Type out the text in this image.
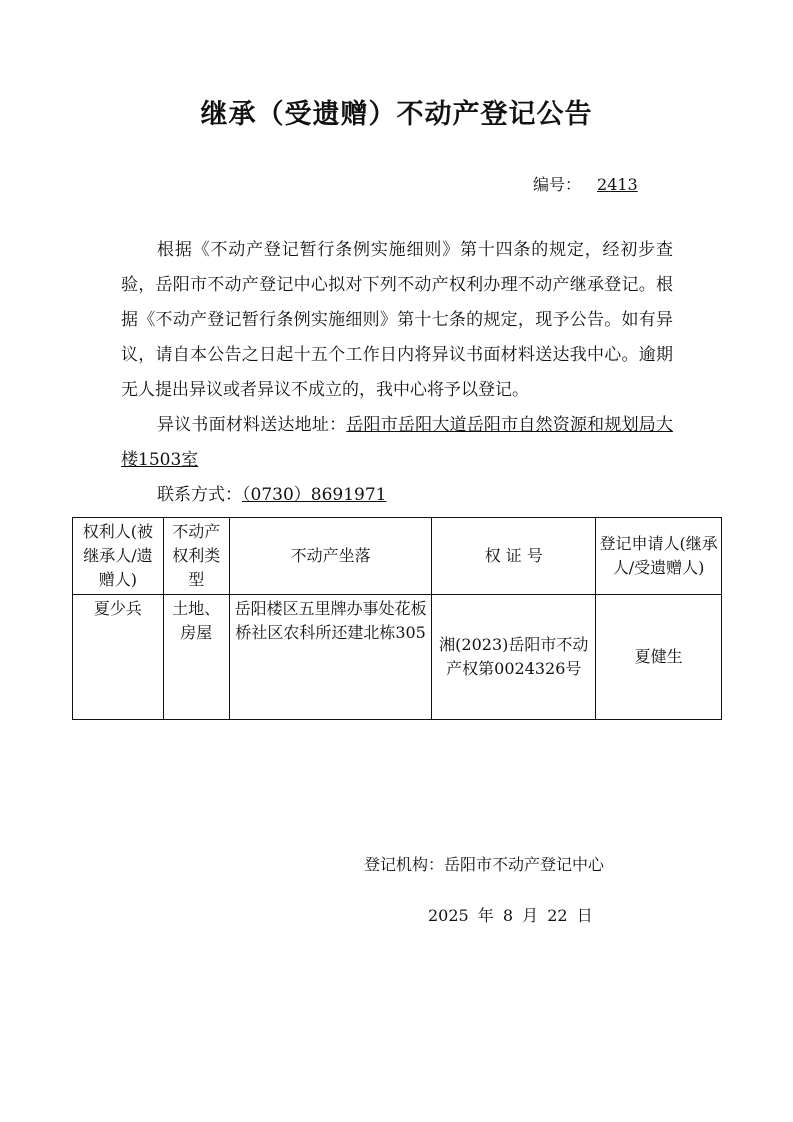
继承（受遗赠）不动产登记公告
编号： 2413

根据《不动产登记暂行条例实施细则》第十四条的规定，经初步查验，岳阳市不动产登记中心拟对下列不动产权利办理不动产继承登记。根据《不动产登记暂行条例实施细则》第十七条的规定，现予公告。如有异议，请自本公告之日起十五个工作日内将异议书面材料送达我中心。逾期无人提出异议或者异议不成立的，我中心将予以登记。

异议书面材料送达地址：岳阳市岳阳大道岳阳市自然资源和规划局大楼1503室

联系方式：（0730）8691971

权利人(被继承人/遗赠人)	不动产权利类型	不动产坐落	权 证 号	登记申请人(继承人/受遗赠人)
夏少兵	土地、房屋	岳阳楼区五里牌办事处花板桥社区农科所还建北栋305	湘(2023)岳阳市不动产权第0024326号	夏健生
登记机构：岳阳市不动产登记中心
2025 年 8 月 22 日
